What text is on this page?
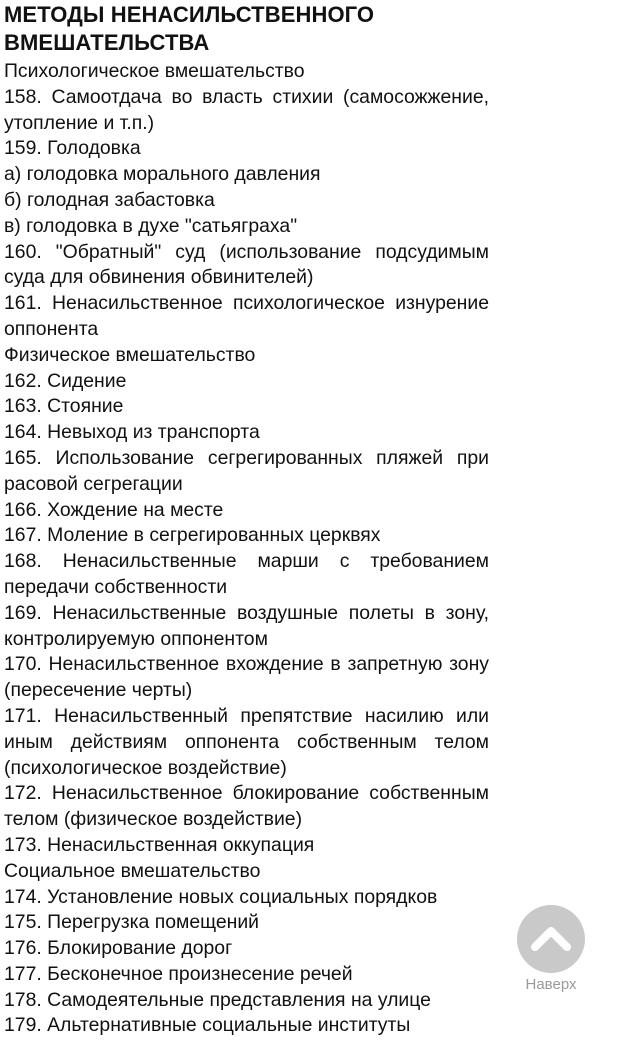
МЕТОДЫ НЕНАСИЛЬСТВЕННОГО ВМЕШАТЕЛЬСТВА

Психологическое вмешательство

158. Самоотдача во власть стихии (самосожжение, утопление и т.п.)

159. Голодовка

а) голодовка морального давления

б) голодная забастовка

в) голодовка в духе "сатьяграха"

160. "Обратный" суд (использование подсудимым суда для обвинения обвинителей)

161. Ненасильственное психологическое изнурение оппонента

Физическое вмешательство

162. Сидение

163. Стояние

164. Невыход из транспорта

165. Использование сегрегированных пляжей при расовой сегрегации

166. Хождение на месте

167. Моление в сегрегированных церквях

168. Ненасильственные марши с требованием передачи собственности

169. Ненасильственные воздушные полеты в зону, контролируемую оппонентом

170. Ненасильственное вхождение в запретную зону (пересечение черты)

171. Ненасильственный препятствие насилию или иным действиям оппонента собственным телом (психологическое воздействие)

172. Ненасильственное блокирование собственным телом (физическое воздействие)

173. Ненасильственная оккупация

Социальное вмешательство

174. Установление новых социальных порядков

175. Перегрузка помещений

176. Блокирование дорог

177. Бесконечное произнесение речей

178. Самодеятельные представления на улице

179. Альтернативные социальные институты

Наверх
